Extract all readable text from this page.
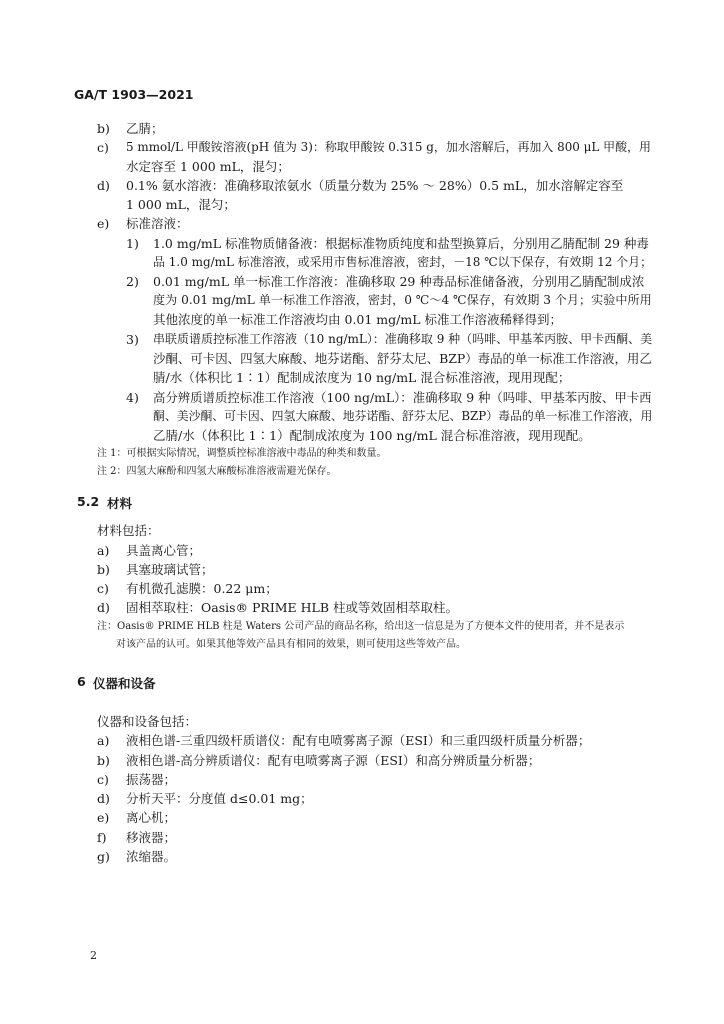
GA/T 1903—2021
b) 乙腈；
c) 5 mmol/L 甲酸铵溶液(pH 值为 3)：称取甲酸铵 0.315 g，加水溶解后，再加入 800 μL 甲酸，用
水定容至 1 000 mL，混匀；
d) 0.1% 氨水溶液：准确移取浓氨水（质量分数为 25% ～ 28%）0.5 mL，加水溶解定容至
1 000 mL，混匀；
e) 标准溶液：
1) 1.0 mg/mL 标准物质储备液：根据标准物质纯度和盐型换算后，分别用乙腈配制 29 种毒
品 1.0 mg/mL 标准溶液，或采用市售标准溶液，密封，－18 ℃以下保存，有效期 12 个月；
2) 0.01 mg/mL 单一标准工作溶液：准确移取 29 种毒品标准储备液，分别用乙腈配制成浓
度为 0.01 mg/mL 单一标准工作溶液，密封，0 ℃～4 ℃保存，有效期 3 个月；实验中所用
其他浓度的单一标准工作溶液均由 0.01 mg/mL 标准工作溶液稀释得到；
3) 串联质谱质控标准工作溶液（10 ng/mL）：准确移取 9 种（吗啡、甲基苯丙胺、甲卡西酮、美
沙酮、可卡因、四氢大麻酸、地芬诺酯、舒芬太尼、BZP）毒品的单一标准工作溶液，用乙
腈/水（体积比 1∶1）配制成浓度为 10 ng/mL 混合标准溶液，现用现配；
4) 高分辨质谱质控标准工作溶液（100 ng/mL）：准确移取 9 种（吗啡、甲基苯丙胺、甲卡西
酮、美沙酮、可卡因、四氢大麻酸、地芬诺酯、舒芬太尼、BZP）毒品的单一标准工作溶液，用
乙腈/水（体积比 1∶1）配制成浓度为 100 ng/mL 混合标准溶液，现用现配。
注 1：可根据实际情况，调整质控标准溶液中毒品的种类和数量。
注 2：四氢大麻酚和四氢大麻酸标准溶液需避光保存。
5.2 材料
材料包括：
a) 具盖离心管；
b) 具塞玻璃试管；
c) 有机微孔滤膜：0.22 μm；
d) 固相萃取柱：Oasis® PRIME HLB 柱或等效固相萃取柱。
注：Oasis® PRIME HLB 柱是 Waters 公司产品的商品名称，给出这一信息是为了方便本文件的使用者，并不是表示
对该产品的认可。如果其他等效产品具有相同的效果，则可使用这些等效产品。
6 仪器和设备
仪器和设备包括：
a) 液相色谱-三重四级杆质谱仪：配有电喷雾离子源（ESI）和三重四级杆质量分析器；
b) 液相色谱-高分辨质谱仪：配有电喷雾离子源（ESI）和高分辨质量分析器；
c) 振荡器；
d) 分析天平：分度值 d≤0.01 mg；
e) 离心机；
f) 移液器；
g) 浓缩器。
2
